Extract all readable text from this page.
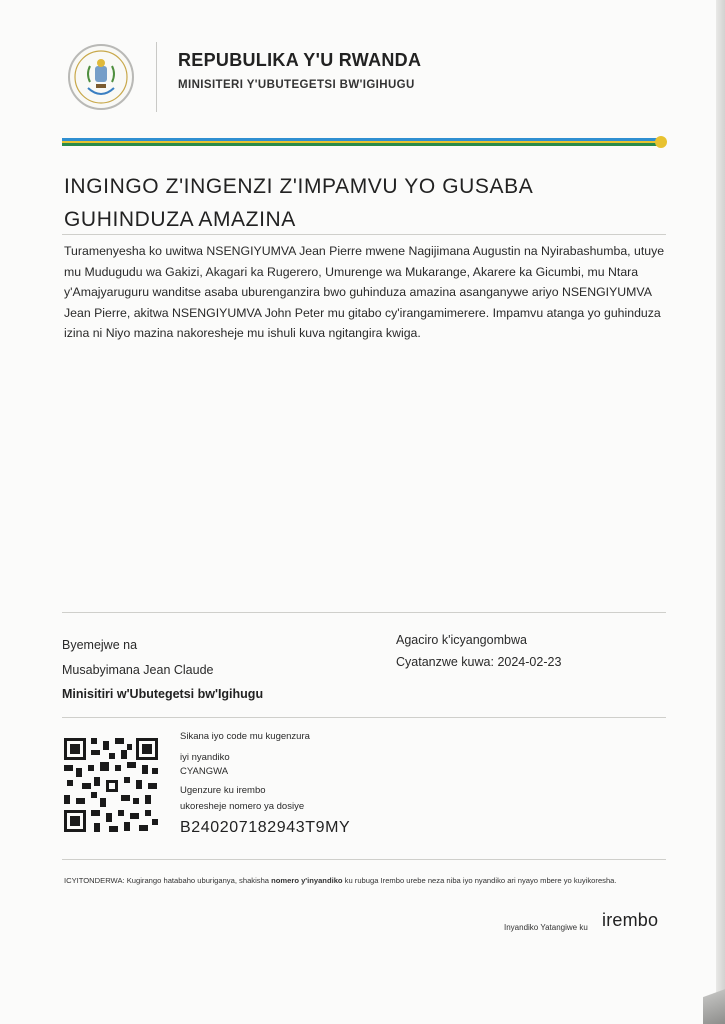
REPUBULIKA Y'U RWANDA
MINISITERI Y'UBUTEGETSI BW'IGIHUGU
INGINGO Z'INGENZI Z'IMPAMVU YO GUSABA GUHINDUZA AMAZINA
Turamenyesha ko uwitwa NSENGIYUMVA Jean Pierre mwene Nagijimana Augustin na Nyirabashumba, utuye mu Mudugudu wa Gakizi, Akagari ka Rugerero, Umurenge wa Mukarange, Akarere ka Gicumbi, mu Ntara y'Amajyaruguru wanditse asaba uburenganzira bwo guhinduza amazina asanganywe ariyo NSENGIYUMVA Jean Pierre, akitwa NSENGIYUMVA John Peter mu gitabo cy'irangamimerere. Impamvu atanga yo guhinduza izina ni Niyo mazina nakoresheje mu ishuli kuva ngitangira kwiga.
Byemejwe na
Musabyimana Jean Claude
Minisitiri w'Ubutegetsi bw'Igihugu
Agaciro k'icyangombwa
Cyatanzwe kuwa: 2024-02-23
Sikana iyo code mu kugenzura
iyi nyandiko
CYANGWA
Ugenzure ku irembo
ukoresheje nomero ya dosiye
B240207182943T9MY
ICYITONDERWA: Kugirango hatabaho uburiganya, shakisha nomero y'inyandiko ku rubuga Irembo urebe neza niba iyo nyandiko ari nyayo mbere yo kuyikoresha.
Inyandiko Yatangiwe ku irembo
